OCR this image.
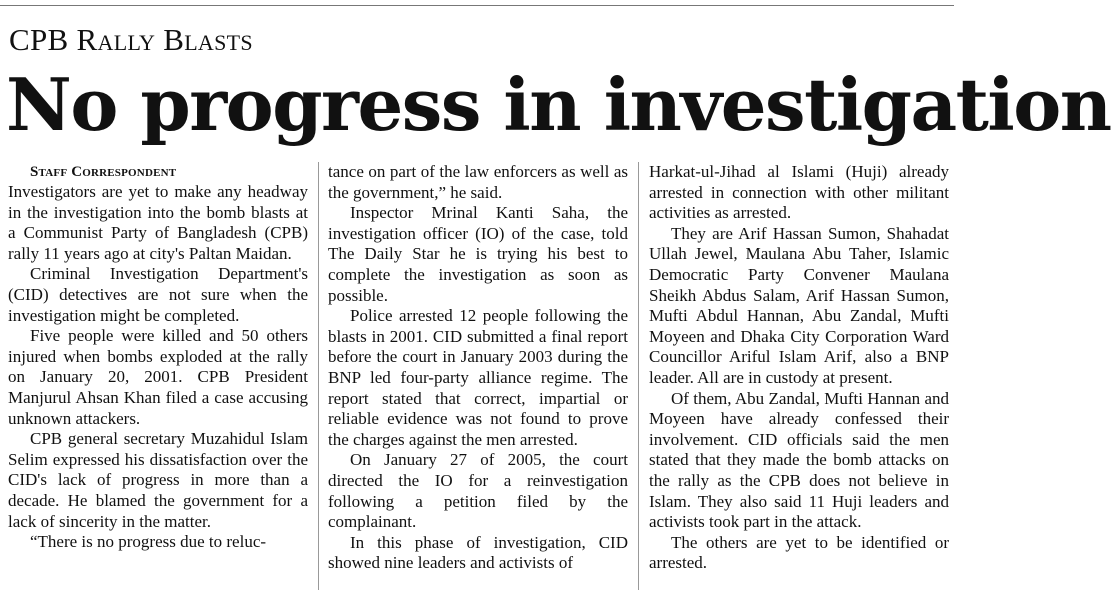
CPB Rally Blasts
No progress in investigation

Staff Correspondent

Investigators are yet to make any headway in the investigation into the bomb blasts at a Communist Party of Bangladesh (CPB) rally 11 years ago at city's Paltan Maidan.

Criminal Investigation Department's (CID) detectives are not sure when the investigation might be completed.

Five people were killed and 50 others injured when bombs exploded at the rally on January 20, 2001. CPB President Manjurul Ahsan Khan filed a case accusing unknown attackers.

CPB general secretary Muzahidul Islam Selim expressed his dissatisfaction over the CID's lack of progress in more than a decade. He blamed the government for a lack of sincerity in the matter.

“There is no progress due to reluc-

tance on part of the law enforcers as well as the government,” he said.

Inspector Mrinal Kanti Saha, the investigation officer (IO) of the case, told The Daily Star he is trying his best to complete the investigation as soon as possible.

Police arrested 12 people following the blasts in 2001. CID submitted a final report before the court in January 2003 during the BNP led four-party alliance regime. The report stated that correct, impartial or reliable evidence was not found to prove the charges against the men arrested.

On January 27 of 2005, the court directed the IO for a reinvestigation following a petition filed by the complainant.

In this phase of investigation, CID showed nine leaders and activists of

Harkat-ul-Jihad al Islami (Huji) already arrested in connection with other militant activities as arrested.

They are Arif Hassan Sumon, Shahadat Ullah Jewel, Maulana Abu Taher, Islamic Democratic Party Convener Maulana Sheikh Abdus Salam, Arif Hassan Sumon, Mufti Abdul Hannan, Abu Zandal, Mufti Moyeen and Dhaka City Corporation Ward Councillor Ariful Islam Arif, also a BNP leader. All are in custody at present.

Of them, Abu Zandal, Mufti Hannan and Moyeen have already confessed their involvement. CID officials said the men stated that they made the bomb attacks on the rally as the CPB does not believe in Islam. They also said 11 Huji leaders and activists took part in the attack.

The others are yet to be identified or arrested.
